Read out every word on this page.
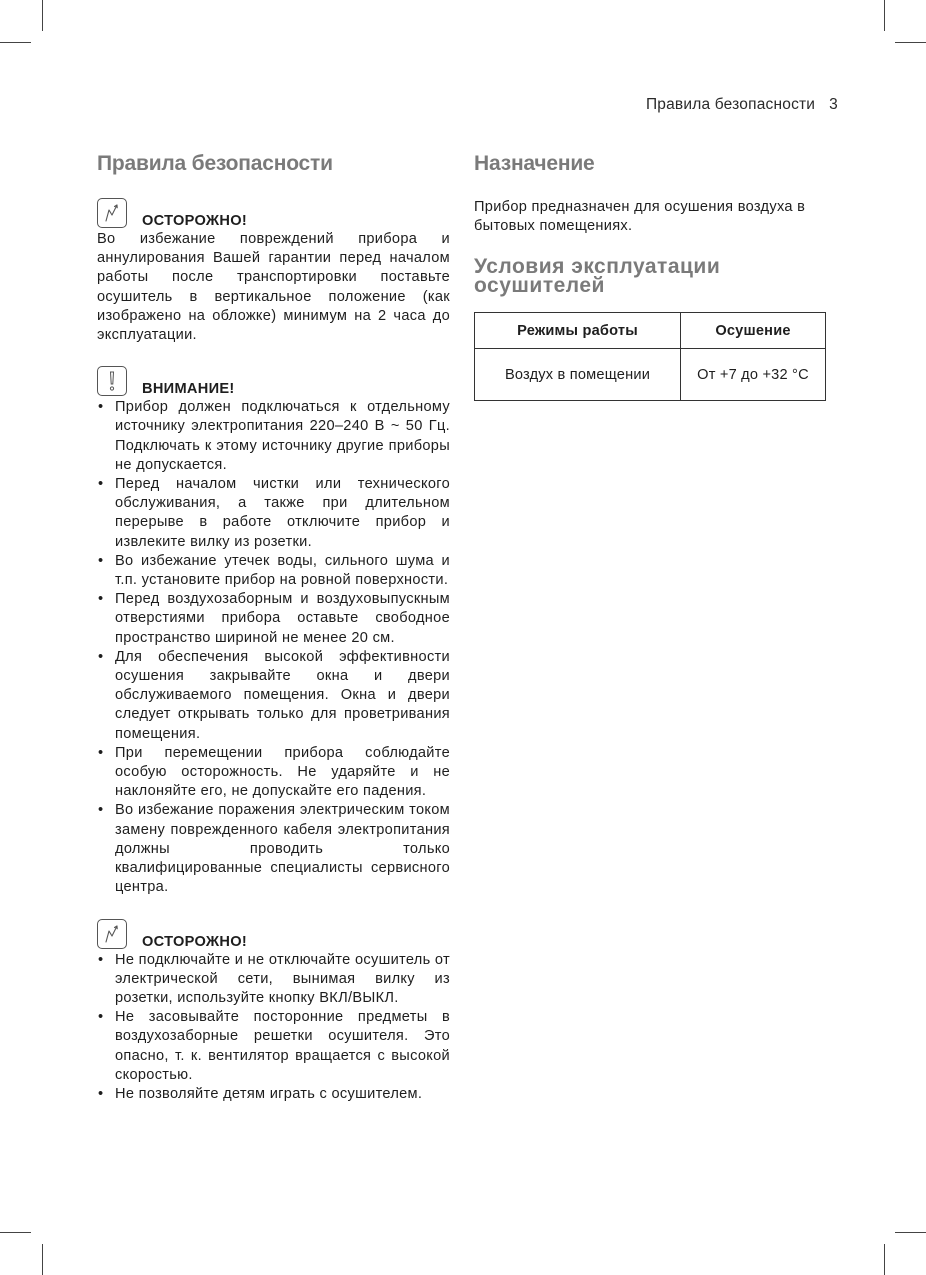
Правила безопасности 3
Правила безопасности
ОСТОРОЖНО!

Во избежание повреждений прибора и аннулирования Вашей гарантии перед началом работы после транспортировки поставьте осушитель в вертикальное положение (как изображено на обложке) минимум на 2 часа до эксплуатации.

ВНИМАНИЕ!
• Прибор должен подключаться к отдельному источнику электропитания 220–240 В ~ 50 Гц. Подключать к этому источнику другие приборы не допускается.
• Перед началом чистки или технического обслуживания, а также при длительном перерыве в работе отключите прибор и извлеките вилку из розетки.
• Во избежание утечек воды, сильного шума и т.п. установите прибор на ровной поверхности.
• Перед воздухозаборным и воздуховыпускным отверстиями прибора оставьте свободное пространство шириной не менее 20 см.
• Для обеспечения высокой эффективности осушения закрывайте окна и двери обслуживаемого помещения. Окна и двери следует открывать только для проветривания помещения.
• При перемещении прибора соблюдайте особую осторожность. Не ударяйте и не наклоняйте его, не допускайте его падения.
• Во избежание поражения электрическим током замену поврежденного кабеля электропитания должны проводить только квалифицированные специалисты сервисного центра.
ОСТОРОЖНО!
• Не подключайте и не отключайте осушитель от электрической сети, вынимая вилку из розетки, используйте кнопку ВКЛ/ВЫКЛ.
• Не засовывайте посторонние предметы в воздухозаборные решетки осушителя. Это опасно, т. к. вентилятор вращается с высокой скоростью.
• Не позволяйте детям играть с осушителем.
Назначение

Прибор предназначен для осушения воздуха в бытовых помещениях.

Условия эксплуатации
осушителей
Режимы работы	Осушение
Воздух в помещении	От +7 до +32 °C
